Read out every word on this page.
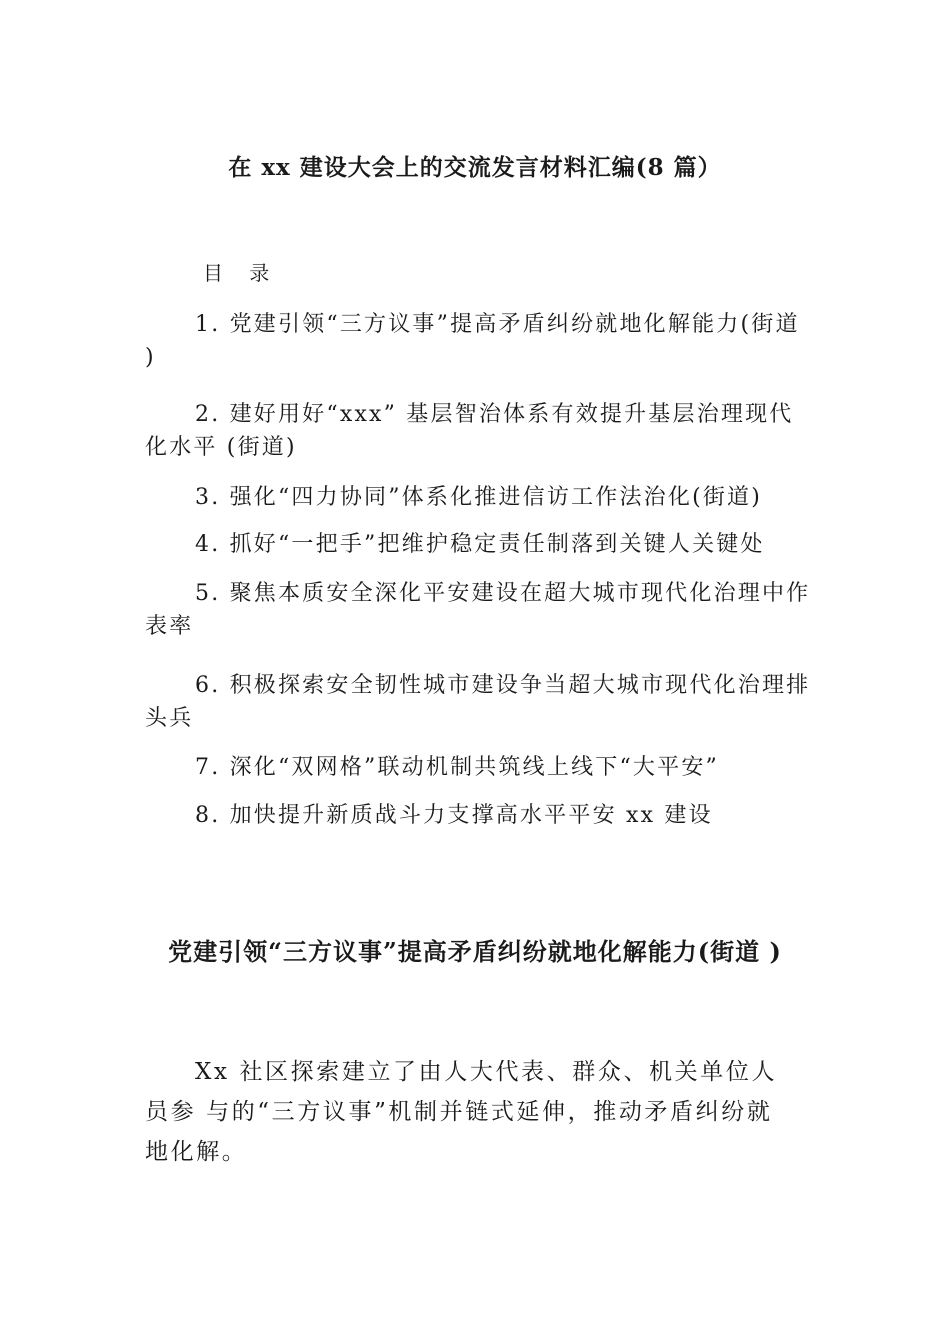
在 xx 建设大会上的交流发言材料汇编(8 篇）
目 录
1. 党建引领“三方议事”提高矛盾纠纷就地化解能力(街道 )
2. 建好用好“xxx” 基层智治体系有效提升基层治理现代化水平 (街道)
3. 强化“四力协同”体系化推进信访工作法治化(街道)
4. 抓好“一把手”把维护稳定责任制落到关键人关键处
5. 聚焦本质安全深化平安建设在超大城市现代化治理中作表率
6. 积极探索安全韧性城市建设争当超大城市现代化治理排头兵
7. 深化“双网格”联动机制共筑线上线下“大平安”
8. 加快提升新质战斗力支撑高水平平安 xx 建设
党建引领“三方议事”提高矛盾纠纷就地化解能力(街道 )

Xx 社区探索建立了由人大代表、群众、机关单位人员参 与的“三方议事”机制并链式延伸，推动矛盾纠纷就地化解。
